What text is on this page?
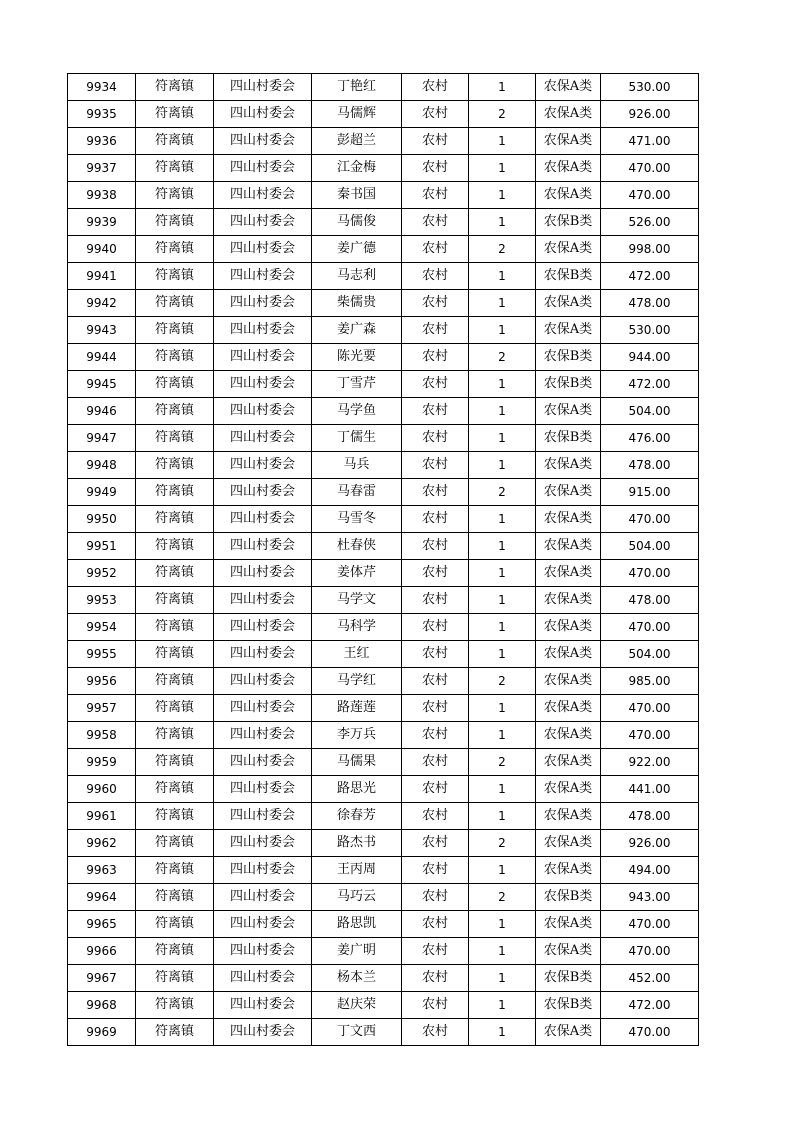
9934	符离镇	四山村委会	丁艳红	农村	1	农保A类	530.00
9935	符离镇	四山村委会	马儒辉	农村	2	农保A类	926.00
9936	符离镇	四山村委会	彭超兰	农村	1	农保A类	471.00
9937	符离镇	四山村委会	江金梅	农村	1	农保A类	470.00
9938	符离镇	四山村委会	秦书国	农村	1	农保A类	470.00
9939	符离镇	四山村委会	马儒俊	农村	1	农保B类	526.00
9940	符离镇	四山村委会	姜广德	农村	2	农保A类	998.00
9941	符离镇	四山村委会	马志利	农村	1	农保B类	472.00
9942	符离镇	四山村委会	柴儒贵	农村	1	农保A类	478.00
9943	符离镇	四山村委会	姜广森	农村	1	农保A类	530.00
9944	符离镇	四山村委会	陈光要	农村	2	农保B类	944.00
9945	符离镇	四山村委会	丁雪芹	农村	1	农保B类	472.00
9946	符离镇	四山村委会	马学鱼	农村	1	农保A类	504.00
9947	符离镇	四山村委会	丁儒生	农村	1	农保B类	476.00
9948	符离镇	四山村委会	马兵	农村	1	农保A类	478.00
9949	符离镇	四山村委会	马春雷	农村	2	农保A类	915.00
9950	符离镇	四山村委会	马雪冬	农村	1	农保A类	470.00
9951	符离镇	四山村委会	杜春侠	农村	1	农保A类	504.00
9952	符离镇	四山村委会	姜体芹	农村	1	农保A类	470.00
9953	符离镇	四山村委会	马学文	农村	1	农保A类	478.00
9954	符离镇	四山村委会	马科学	农村	1	农保A类	470.00
9955	符离镇	四山村委会	王红	农村	1	农保A类	504.00
9956	符离镇	四山村委会	马学红	农村	2	农保A类	985.00
9957	符离镇	四山村委会	路莲莲	农村	1	农保A类	470.00
9958	符离镇	四山村委会	李万兵	农村	1	农保A类	470.00
9959	符离镇	四山村委会	马儒果	农村	2	农保A类	922.00
9960	符离镇	四山村委会	路思光	农村	1	农保A类	441.00
9961	符离镇	四山村委会	徐春芳	农村	1	农保A类	478.00
9962	符离镇	四山村委会	路杰书	农村	2	农保A类	926.00
9963	符离镇	四山村委会	王丙周	农村	1	农保A类	494.00
9964	符离镇	四山村委会	马巧云	农村	2	农保B类	943.00
9965	符离镇	四山村委会	路思凯	农村	1	农保A类	470.00
9966	符离镇	四山村委会	姜广明	农村	1	农保A类	470.00
9967	符离镇	四山村委会	杨本兰	农村	1	农保B类	452.00
9968	符离镇	四山村委会	赵庆荣	农村	1	农保B类	472.00
9969	符离镇	四山村委会	丁文西	农村	1	农保A类	470.00
